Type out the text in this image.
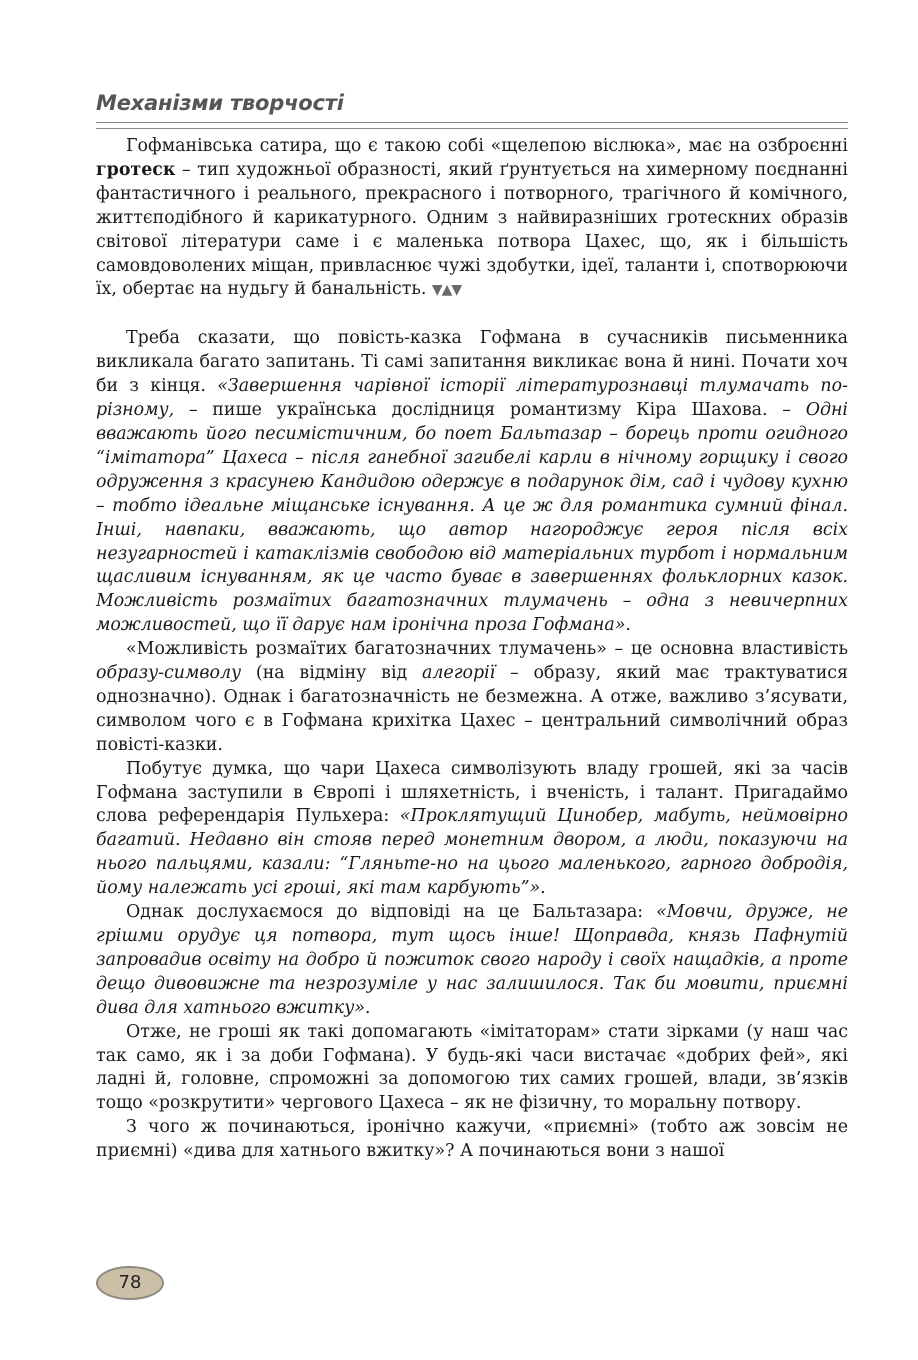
Механізми творчості

Гофманівська сатира, що є такою собі «щелепою віслюка», має на озброєнні гротеск – тип художньої образності, який ґрунтується на химерному поєднанні фантастичного і реального, прекрасного і потворного, трагічного й комічного, життєподібного й карикатурного. Одним з найвиразніших гротескних образів світової літератури саме і є маленька потвора Цахес, що, як і більшість самовдоволених міщан, привласнює чужі здобутки, ідеї, таланти і, спотворюючи їх, обертає на нудьгу й банальність. ▼▲▼

Треба сказати, що повість-казка Гофмана в сучасників письменника викликала багато запитань. Ті самі запитання викликає вона й нині. Почати хоч би з кінця. «Завершення чарівної історії літературознавці тлумачать по-різному, – пише українська дослідниця романтизму Кіра Шахова. – Одні вважають його песимістичним, бо поет Бальтазар – борець проти огидного “імітатора” Цахеса – після ганебної загибелі карли в нічному горщику і свого одруження з красунею Кандидою одержує в подарунок дім, сад і чудову кухню – тобто ідеальне міщанське існування. А це ж для романтика сумний фінал. Інші, навпаки, вважають, що автор нагороджує героя після всіх незугарностей і катаклізмів свободою від матеріальних турбот і нормальним щасливим існуванням, як це часто буває в завершеннях фольклорних казок. Можливість розмаїтих багатозначних тлумачень – одна з невичерпних можливостей, що її дарує нам іронічна проза Гофмана».

«Можливість розмаїтих багатозначних тлумачень» – це основна властивість образу-символу (на відміну від алегорії – образу, який має трактуватися однозначно). Однак і багатозначність не безмежна. А отже, важливо з’ясувати, символом чого є в Гофмана крихітка Цахес – центральний символічний образ повісті-казки.

Побутує думка, що чари Цахеса символізують владу грошей, які за часів Гофмана заступили в Європі і шляхетність, і вченість, і талант. Пригадаймо слова референдарія Пульхера: «Проклятущий Цинобер, мабуть, неймовірно багатий. Недавно він стояв перед монетним двором, а люди, показуючи на нього пальцями, казали: “Гляньте-но на цього маленького, гарного добродія, йому належать усі гроші, які там карбують”».

Однак дослухаємося до відповіді на це Бальтазара: «Мовчи, друже, не грішми орудує ця потвора, тут щось інше! Щоправда, князь Пафнутій запровадив освіту на добро й пожиток свого народу і своїх нащадків, а проте дещо дивовижне та незрозуміле у нас залишилося. Так би мовити, приємні дива для хатнього вжитку».

Отже, не гроші як такі допомагають «імітаторам» стати зірками (у наш час так само, як і за доби Гофмана). У будь-які часи вистачає «добрих фей», які ладні й, головне, спроможні за допомогою тих самих грошей, влади, зв’язків тощо «розкрутити» чергового Цахеса – як не фізичну, то моральну потвору.

З чого ж починаються, іронічно кажучи, «приємні» (тобто аж зовсім не приємні) «дива для хатнього вжитку»? А починаються вони з нашої

78
